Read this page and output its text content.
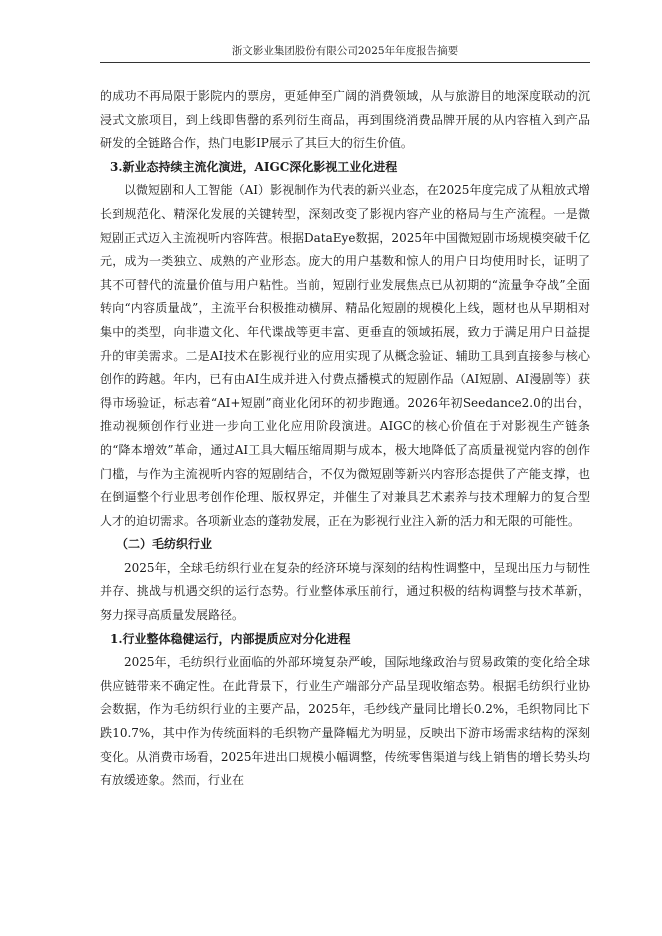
浙文影业集团股份有限公司2025年年度报告摘要

的成功不再局限于影院内的票房，更延伸至广阔的消费领域，从与旅游目的地深度联动的沉浸式文旅项目，到上线即售罄的系列衍生商品，再到围绕消费品牌开展的从内容植入到产品研发的全链路合作，热门电影IP展示了其巨大的衍生价值。

3.新业态持续主流化演进，AIGC深化影视工业化进程

以微短剧和人工智能（AI）影视制作为代表的新兴业态，在2025年度完成了从粗放式增长到规范化、精深化发展的关键转型，深刻改变了影视内容产业的格局与生产流程。一是微短剧正式迈入主流视听内容阵营。根据DataEye数据，2025年中国微短剧市场规模突破千亿元，成为一类独立、成熟的产业形态。庞大的用户基数和惊人的用户日均使用时长，证明了其不可替代的流量价值与用户粘性。当前，短剧行业发展焦点已从初期的“流量争夺战”全面转向“内容质量战”，主流平台积极推动横屏、精品化短剧的规模化上线，题材也从早期相对集中的类型，向非遗文化、年代谍战等更丰富、更垂直的领域拓展，致力于满足用户日益提升的审美需求。二是AI技术在影视行业的应用实现了从概念验证、辅助工具到直接参与核心创作的跨越。年内，已有由AI生成并进入付费点播模式的短剧作品（AI短剧、AI漫剧等）获得市场验证，标志着“AI+短剧”商业化闭环的初步跑通。2026年初Seedance2.0的出台，推动视频创作行业进一步向工业化应用阶段演进。AIGC的核心价值在于对影视生产链条的“降本增效”革命，通过AI工具大幅压缩周期与成本，极大地降低了高质量视觉内容的创作门槛，与作为主流视听内容的短剧结合，不仅为微短剧等新兴内容形态提供了产能支撑，也在倒逼整个行业思考创作伦理、版权界定，并催生了对兼具艺术素养与技术理解力的复合型人才的迫切需求。各项新业态的蓬勃发展，正在为影视行业注入新的活力和无限的可能性。

（二）毛纺织行业

2025年，全球毛纺织行业在复杂的经济环境与深刻的结构性调整中，呈现出压力与韧性并存、挑战与机遇交织的运行态势。行业整体承压前行，通过积极的结构调整与技术革新，努力探寻高质量发展路径。

1.行业整体稳健运行，内部提质应对分化进程

2025年，毛纺织行业面临的外部环境复杂严峻，国际地缘政治与贸易政策的变化给全球供应链带来不确定性。在此背景下，行业生产端部分产品呈现收缩态势。根据毛纺织行业协会数据，作为毛纺织行业的主要产品，2025年，毛纱线产量同比增长0.2%，毛织物同比下跌10.7%，其中作为传统面料的毛织物产量降幅尤为明显，反映出下游市场需求结构的深刻变化。从消费市场看，2025年进出口规模小幅调整，传统零售渠道与线上销售的增长势头均有放缓迹象。然而，行业在
